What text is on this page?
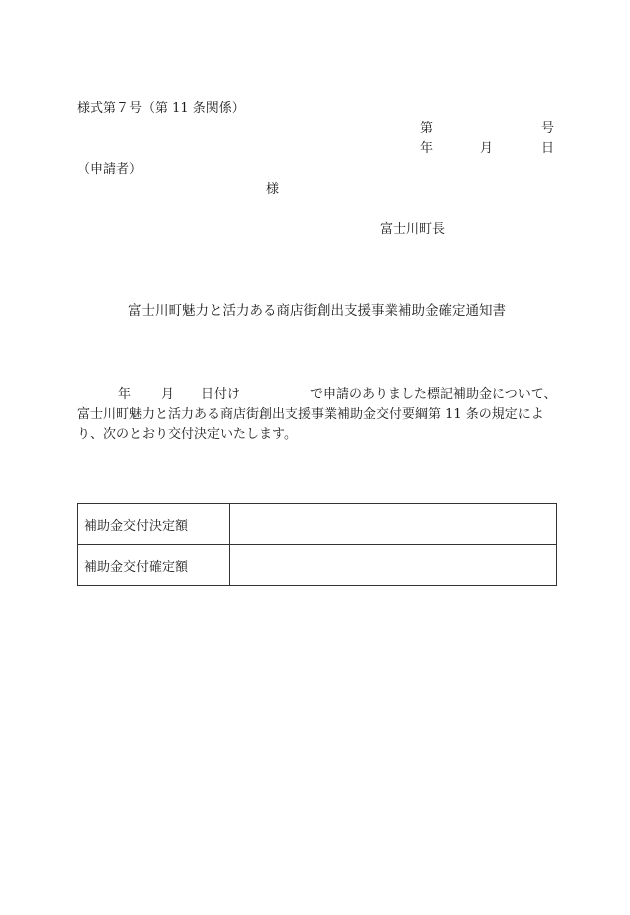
様式第７号（第 11 条関係）
第	号
年	月	日
（申請者）
様
富士川町長
富士川町魅力と活力ある商店街創出支援事業補助金確定通知書
年 月 日付け	で申請のありました標記補助金について、
富士川町魅力と活力ある商店街創出支援事業補助金交付要綱第 11 条の規定によ
り、次のとおり交付決定いたします。
補助金交付決定額	
補助金交付確定額	
